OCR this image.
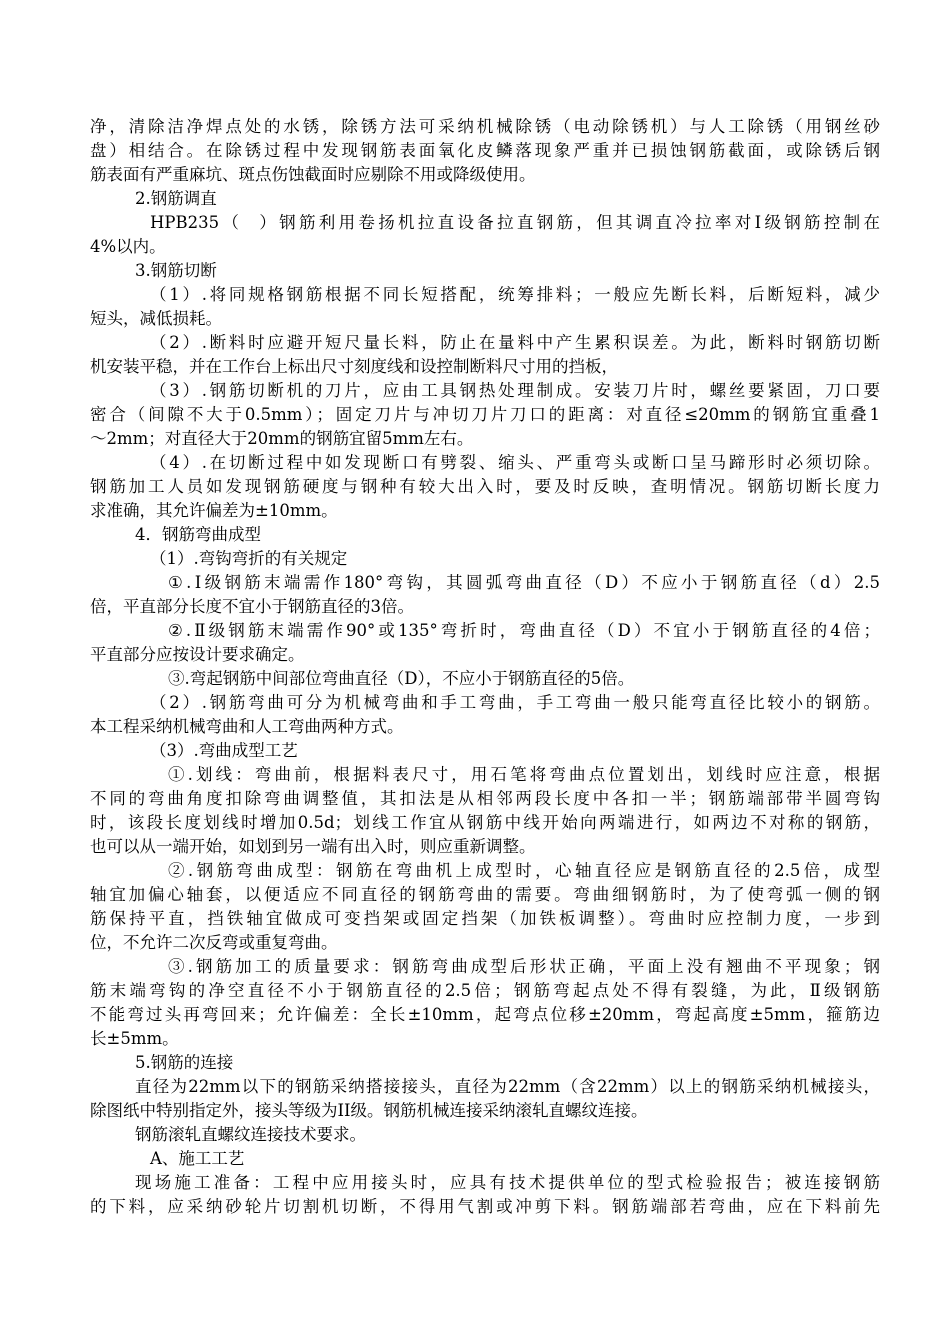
净，清除洁净焊点处的水锈，除锈方法可采纳机械除锈（电动除锈机）与人工除锈（用钢丝砂
盘）相结合。在除锈过程中发现钢筋表面氧化皮鳞落现象严重并已损蚀钢筋截面，或除锈后钢
筋表面有严重麻坑、斑点伤蚀截面时应剔除不用或降级使用。
2.钢筋调直
HPB235（  ）钢筋利用卷扬机拉直设备拉直钢筋，但其调直冷拉率对Ⅰ级钢筋控制在
4%以内。
3.钢筋切断
（1）.将同规格钢筋根据不同长短搭配，统筹排料；一般应先断长料，后断短料，减少
短头，减低损耗。
（2）.断料时应避开短尺量长料，防止在量料中产生累积误差。为此，断料时钢筋切断
机安装平稳，并在工作台上标出尺寸刻度线和设控制断料尺寸用的挡板，
（3）.钢筋切断机的刀片，应由工具钢热处理制成。安装刀片时，螺丝要紧固，刀口要
密合（间隙不大于0.5mm）；固定刀片与冲切刀片刀口的距离：对直径≤20mm的钢筋宜重叠1
～2mm；对直径大于20mm的钢筋宜留5mm左右。
（4）.在切断过程中如发现断口有劈裂、缩头、严重弯头或断口呈马蹄形时必须切除。
钢筋加工人员如发现钢筋硬度与钢种有较大出入时，要及时反映，查明情况。钢筋切断长度力
求准确，其允许偏差为±10mm。
4．钢筋弯曲成型
（1）.弯钩弯折的有关规定
①.Ⅰ级钢筋末端需作180°弯钩，其圆弧弯曲直径（D）不应小于钢筋直径（d）2.5
倍，平直部分长度不宜小于钢筋直径的3倍。
②.Ⅱ级钢筋末端需作90°或135°弯折时，弯曲直径（D）不宜小于钢筋直径的4倍；
平直部分应按设计要求确定。
③.弯起钢筋中间部位弯曲直径（D），不应小于钢筋直径的5倍。
（2）.钢筋弯曲可分为机械弯曲和手工弯曲，手工弯曲一般只能弯直径比较小的钢筋。
本工程采纳机械弯曲和人工弯曲两种方式。
（3）.弯曲成型工艺
①.划线：弯曲前，根据料表尺寸，用石笔将弯曲点位置划出，划线时应注意，根据
不同的弯曲角度扣除弯曲调整值，其扣法是从相邻两段长度中各扣一半；钢筋端部带半圆弯钩
时，该段长度划线时增加0.5d；划线工作宜从钢筋中线开始向两端进行，如两边不对称的钢筋，
也可以从一端开始，如划到另一端有出入时，则应重新调整。
②.钢筋弯曲成型：钢筋在弯曲机上成型时，心轴直径应是钢筋直径的2.5倍，成型
轴宜加偏心轴套，以便适应不同直径的钢筋弯曲的需要。弯曲细钢筋时，为了使弯弧一侧的钢
筋保持平直，挡铁轴宜做成可变挡架或固定挡架（加铁板调整）。弯曲时应控制力度，一步到
位，不允许二次反弯或重复弯曲。
③.钢筋加工的质量要求：钢筋弯曲成型后形状正确，平面上没有翘曲不平现象；钢
筋末端弯钩的净空直径不小于钢筋直径的2.5倍；钢筋弯起点处不得有裂缝，为此，Ⅱ级钢筋
不能弯过头再弯回来；允许偏差：全长±10mm，起弯点位移±20mm，弯起高度±5mm，箍筋边
长±5mm。
5.钢筋的连接
直径为22mm以下的钢筋采纳搭接接头，直径为22mm（含22mm）以上的钢筋采纳机械接头，
除图纸中特别指定外，接头等级为II级。钢筋机械连接采纳滚轧直螺纹连接。
钢筋滚轧直螺纹连接技术要求。
A、施工工艺
现场施工准备：工程中应用接头时，应具有技术提供单位的型式检验报告；被连接钢筋
的下料，应采纳砂轮片切割机切断，不得用气割或冲剪下料。钢筋端部若弯曲，应在下料前先
